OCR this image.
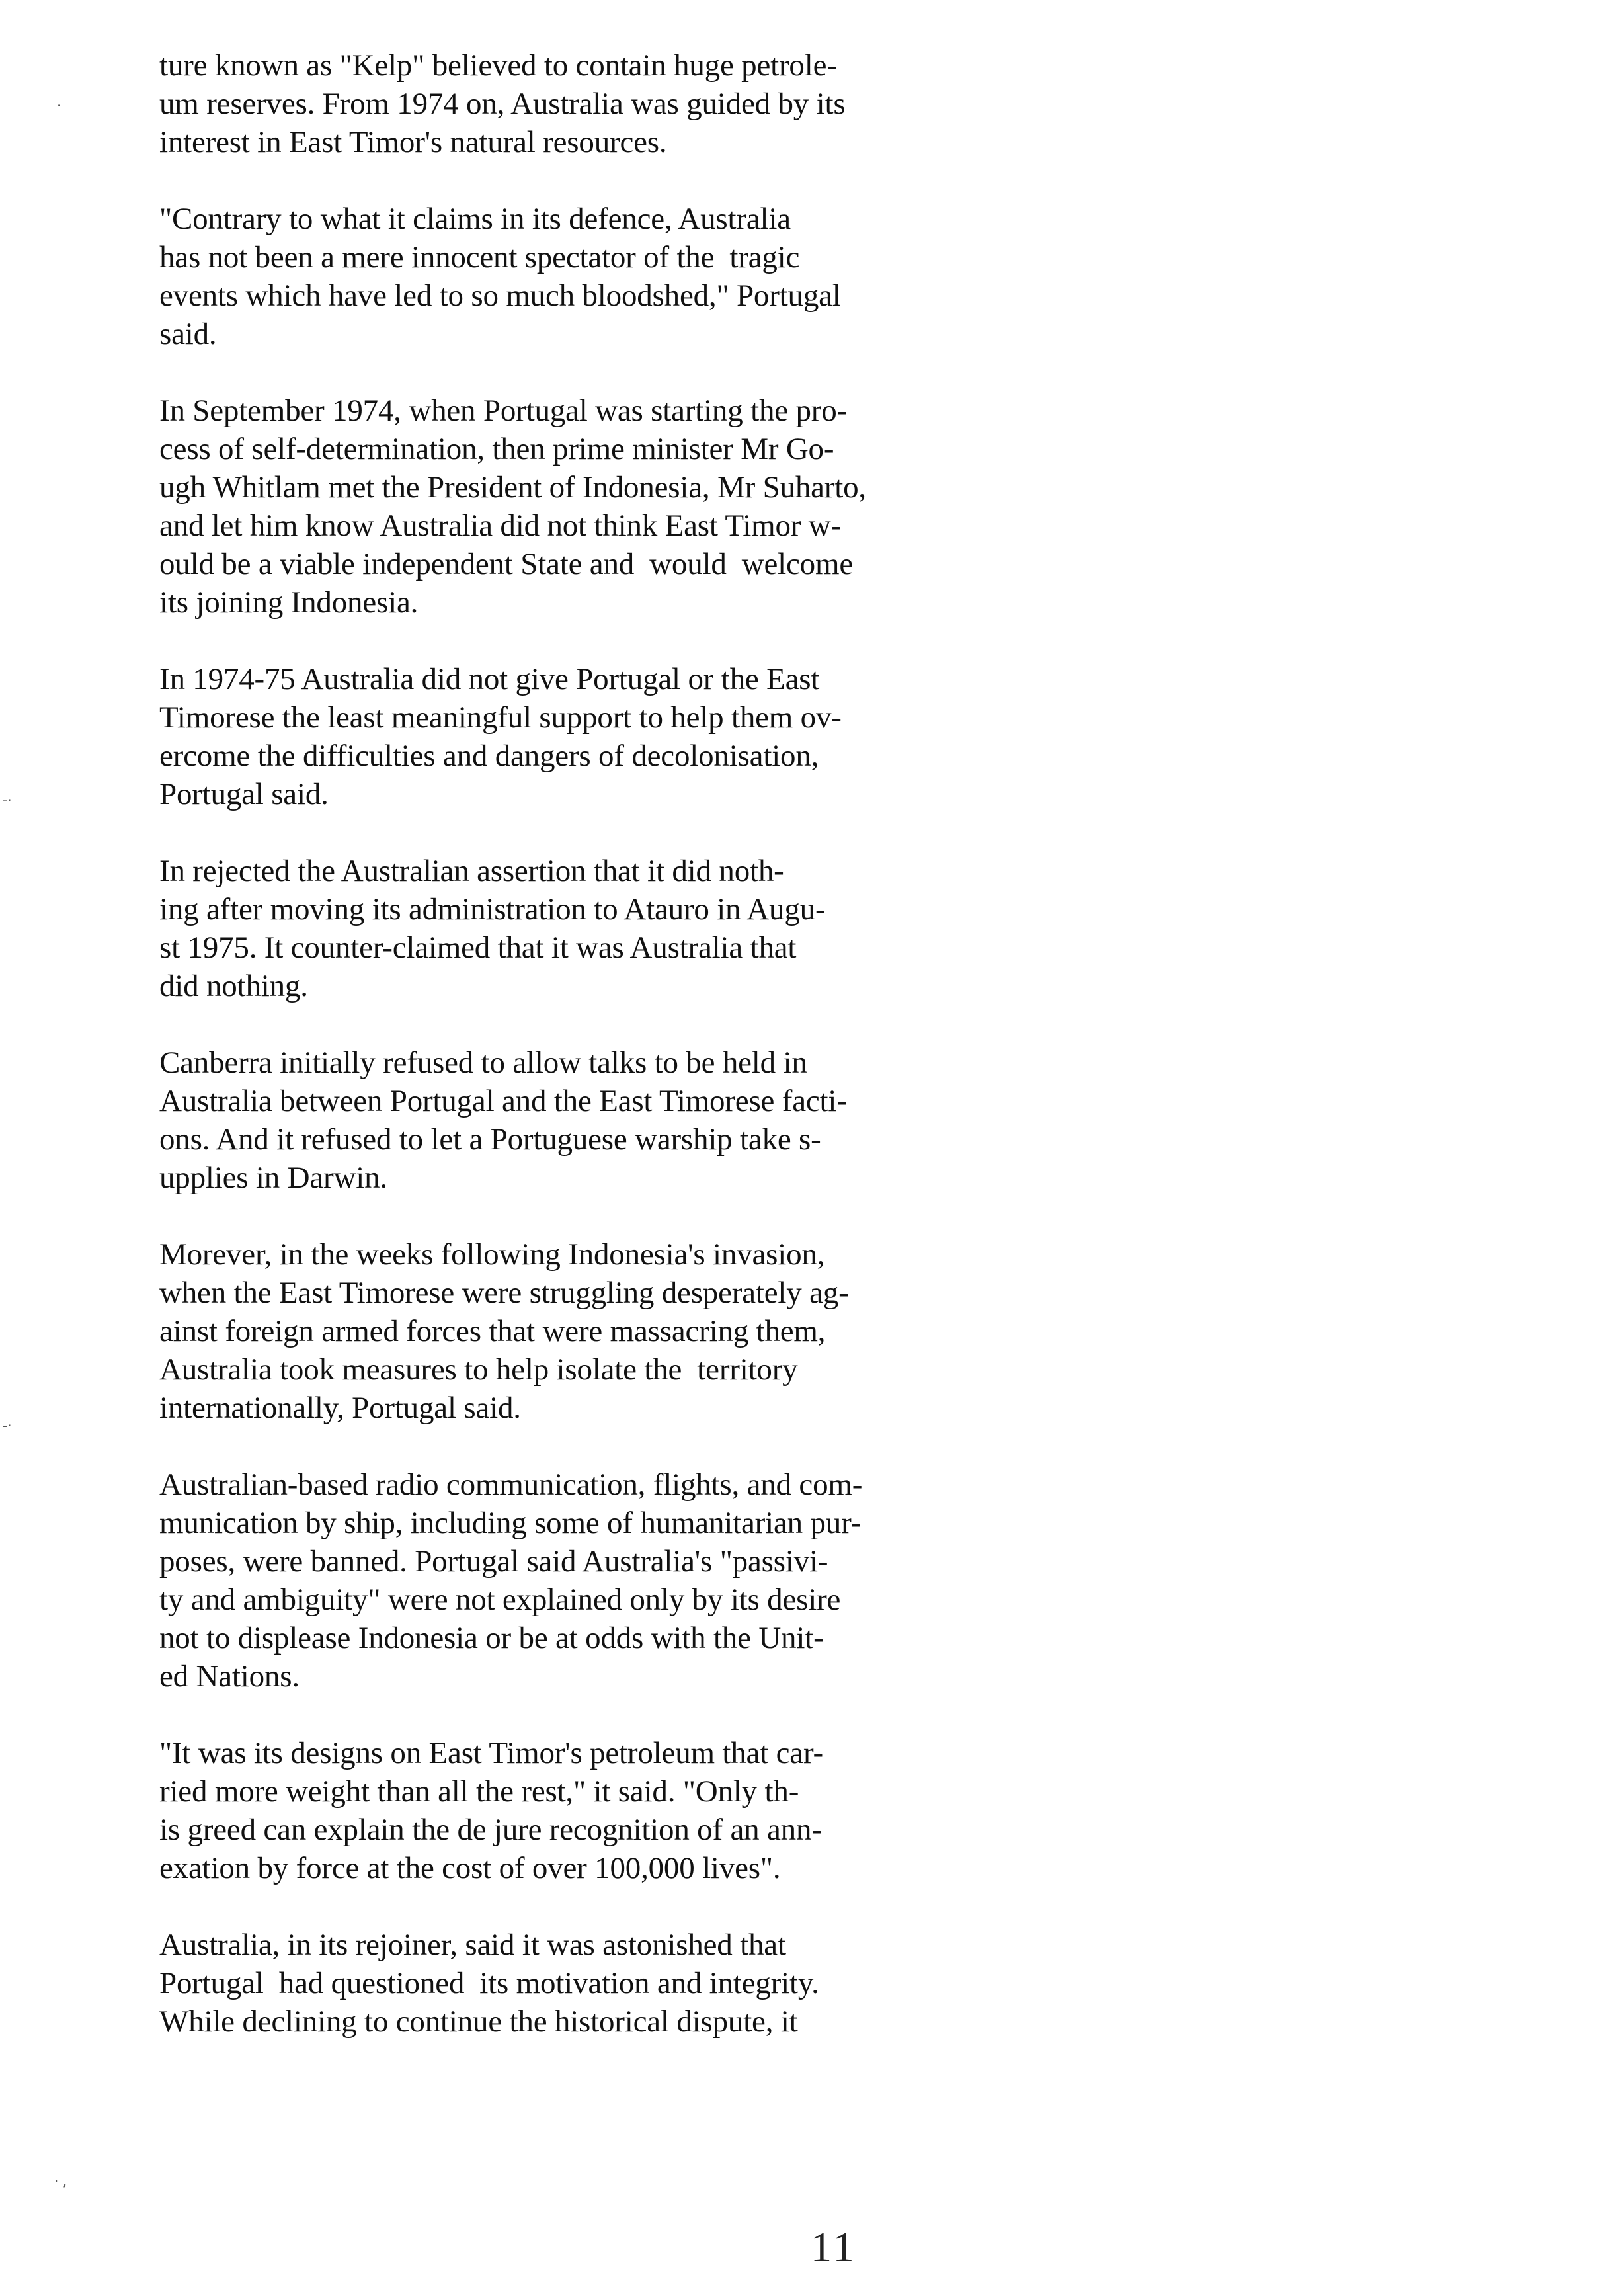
ture known as "Kelp" believed to contain huge petrole-
um reserves. From 1974 on, Australia was guided by its
interest in East Timor's natural resources.
"Contrary to what it claims in its defence, Australia
has not been a mere innocent spectator of the  tragic
events which have led to so much bloodshed," Portugal
said.
In September 1974, when Portugal was starting the pro-
cess of self-determination, then prime minister Mr Go-
ugh Whitlam met the President of Indonesia, Mr Suharto,
and let him know Australia did not think East Timor w-
ould be a viable independent State and  would  welcome
its joining Indonesia.
In 1974-75 Australia did not give Portugal or the East
Timorese the least meaningful support to help them ov-
ercome the difficulties and dangers of decolonisation,
Portugal said.
In rejected the Australian assertion that it did noth-
ing after moving its administration to Atauro in Augu-
st 1975. It counter-claimed that it was Australia that
did nothing.
Canberra initially refused to allow talks to be held in
Australia between Portugal and the East Timorese facti-
ons. And it refused to let a Portuguese warship take s-
upplies in Darwin.
Morever, in the weeks following Indonesia's invasion,
when the East Timorese were struggling desperately ag-
ainst foreign armed forces that were massacring them,
Australia took measures to help isolate the  territory
internationally, Portugal said.
Australian-based radio communication, flights, and com-
munication by ship, including some of humanitarian pur-
poses, were banned. Portugal said Australia's "passivi-
ty and ambiguity" were not explained only by its desire
not to displease Indonesia or be at odds with the Unit-
ed Nations.
"It was its designs on East Timor's petroleum that car-
ried more weight than all the rest," it said. "Only th-
is greed can explain the de jure recognition of an ann-
exation by force at the cost of over 100,000 lives".
Australia, in its rejoiner, said it was astonished that
Portugal  had questioned  its motivation and integrity.
While declining to continue the historical dispute, it
·
-·
-·
· ,
11
